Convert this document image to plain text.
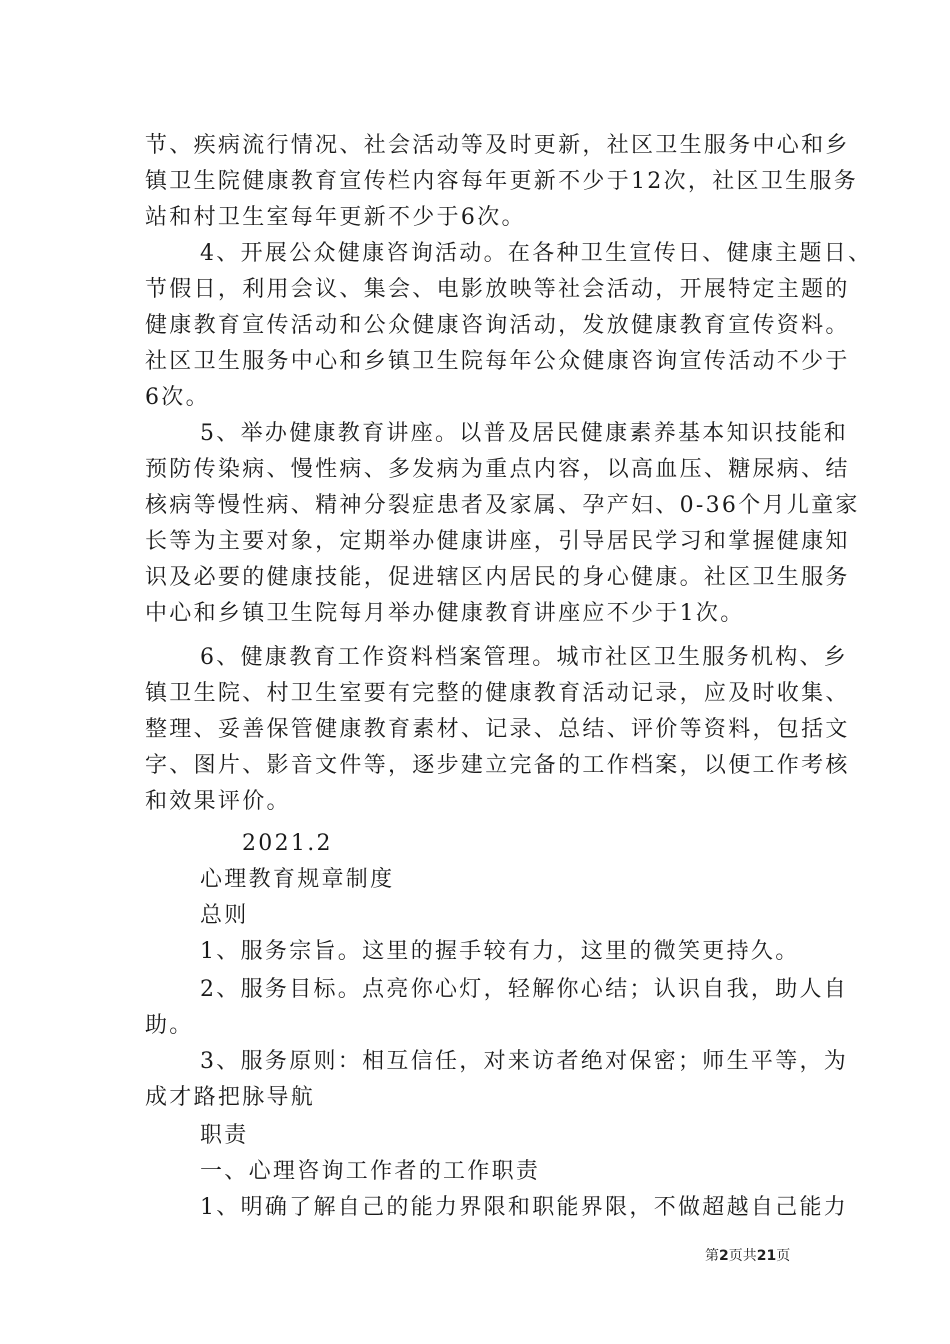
节、疾病流行情况、社会活动等及时更新，社区卫生服务中心和乡
镇卫生院健康教育宣传栏内容每年更新不少于12次，社区卫生服务
站和村卫生室每年更新不少于6次。
4、开展公众健康咨询活动。在各种卫生宣传日、健康主题日、
节假日，利用会议、集会、电影放映等社会活动，开展特定主题的
健康教育宣传活动和公众健康咨询活动，发放健康教育宣传资料。
社区卫生服务中心和乡镇卫生院每年公众健康咨询宣传活动不少于
6次。
5、举办健康教育讲座。以普及居民健康素养基本知识技能和
预防传染病、慢性病、多发病为重点内容，以高血压、糖尿病、结
核病等慢性病、精神分裂症患者及家属、孕产妇、0-36个月儿童家
长等为主要对象，定期举办健康讲座，引导居民学习和掌握健康知
识及必要的健康技能，促进辖区内居民的身心健康。社区卫生服务
中心和乡镇卫生院每月举办健康教育讲座应不少于1次。
6、健康教育工作资料档案管理。城市社区卫生服务机构、乡
镇卫生院、村卫生室要有完整的健康教育活动记录，应及时收集、
整理、妥善保管健康教育素材、记录、总结、评价等资料，包括文
字、图片、影音文件等，逐步建立完备的工作档案，以便工作考核
和效果评价。
2021.2
心理教育规章制度
总则
1、服务宗旨。这里的握手较有力，这里的微笑更持久。
2、服务目标。点亮你心灯，轻解你心结；认识自我，助人自
助。
3、服务原则：相互信任，对来访者绝对保密；师生平等，为
成才路把脉导航
职责
一、心理咨询工作者的工作职责
1、明确了解自己的能力界限和职能界限，不做超越自己能力
第2页共21页
